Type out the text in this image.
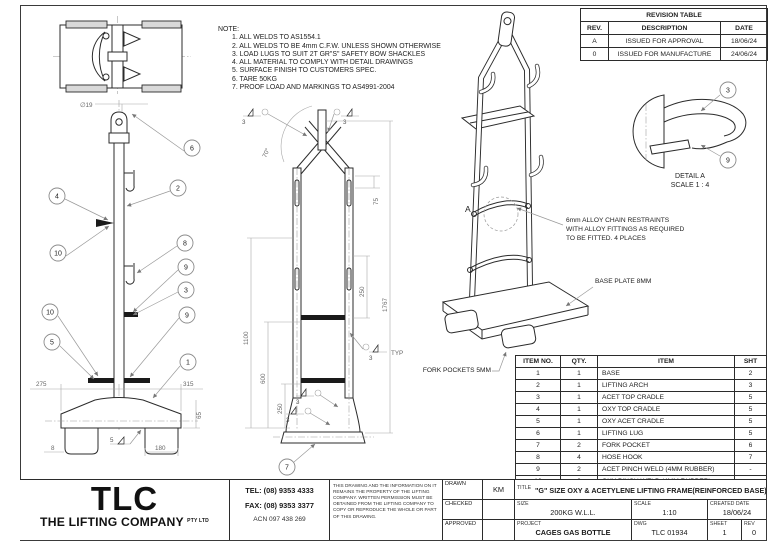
NOTE:
1. ALL WELDS TO AS1554.1
2. ALL WELDS TO BE 4mm C.F.W. UNLESS SHOWN OTHERWISE
3. LOAD LUGS TO SUIT 2T GR"S" SAFETY BOW SHACKLES
4. ALL MATERIAL TO COMPLY WITH DETAIL DRAWINGS
5. SURFACE FINISH TO CUSTOMERS SPEC.
6. TARE 50KG
7. PROOF LOAD AND MARKINGS TO AS4991-2004
REVISION TABLE		
REV.	DESCRIPTION	DATE
A	ISSUED FOR APPROVAL	18/06/24
0	ISSUED FOR MANUFACTURE	24/06/24
∅19
275	315
65
8	180
5
6
4
2
10
8
9
3
9
10
5
1
70°
3	3
75
1767
250
1100
600
250
3
TYP
3
3
7
A
3
9
6mm ALLOY CHAIN RESTRAINTS
WITH ALLOY FITTINGS AS REQUIRED
TO BE FITTED. 4 PLACES
BASE PLATE 8MM
FORK POCKETS 5MM
DETAIL A
SCALE 1 : 4
ITEM NO.	QTY.	ITEM	SHT
1	1	BASE	2
2	1	LIFTING ARCH	3
3	1	ACET TOP CRADLE	5
4	1	OXY TOP CRADLE	5
5	1	OXY ACET CRADLE	5
6	1	LIFTING LUG	5
7	2	FORK POCKET	6
8	4	HOSE HOOK	7
9	2	ACET PINCH WELD (4MM RUBBER)	-

TLC
THE LIFTING COMPANY $^{PTY LTD}$
TEL: (08) 9353 4333
FAX: (08) 9353 3377
ACN 097 438 269
THIS DRAWING AND THE INFORMATION ON IT REMAINS THE PROPERTY OF THE LIFTING COMPANY. WRITTEN PERMISSION MUST BE OBTAINED FROM THE LIFTING COMPANY TO COPY OR REPRODUCE THE WHOLE OR PART OF THIS DRAWING.
DRAWN
KM
CHECKED
APPROVED
TITLE "G" SIZE OXY & ACETYLENE LIFTING FRAME(REINFORCED BASE)
SIZE
200KG W.L.L.
SCALE
1:10
CREATED DATE
18/06/24
PROJECT
CAGES GAS BOTTLE
DWG
TLC 01934
SHEET
1
REV
0
